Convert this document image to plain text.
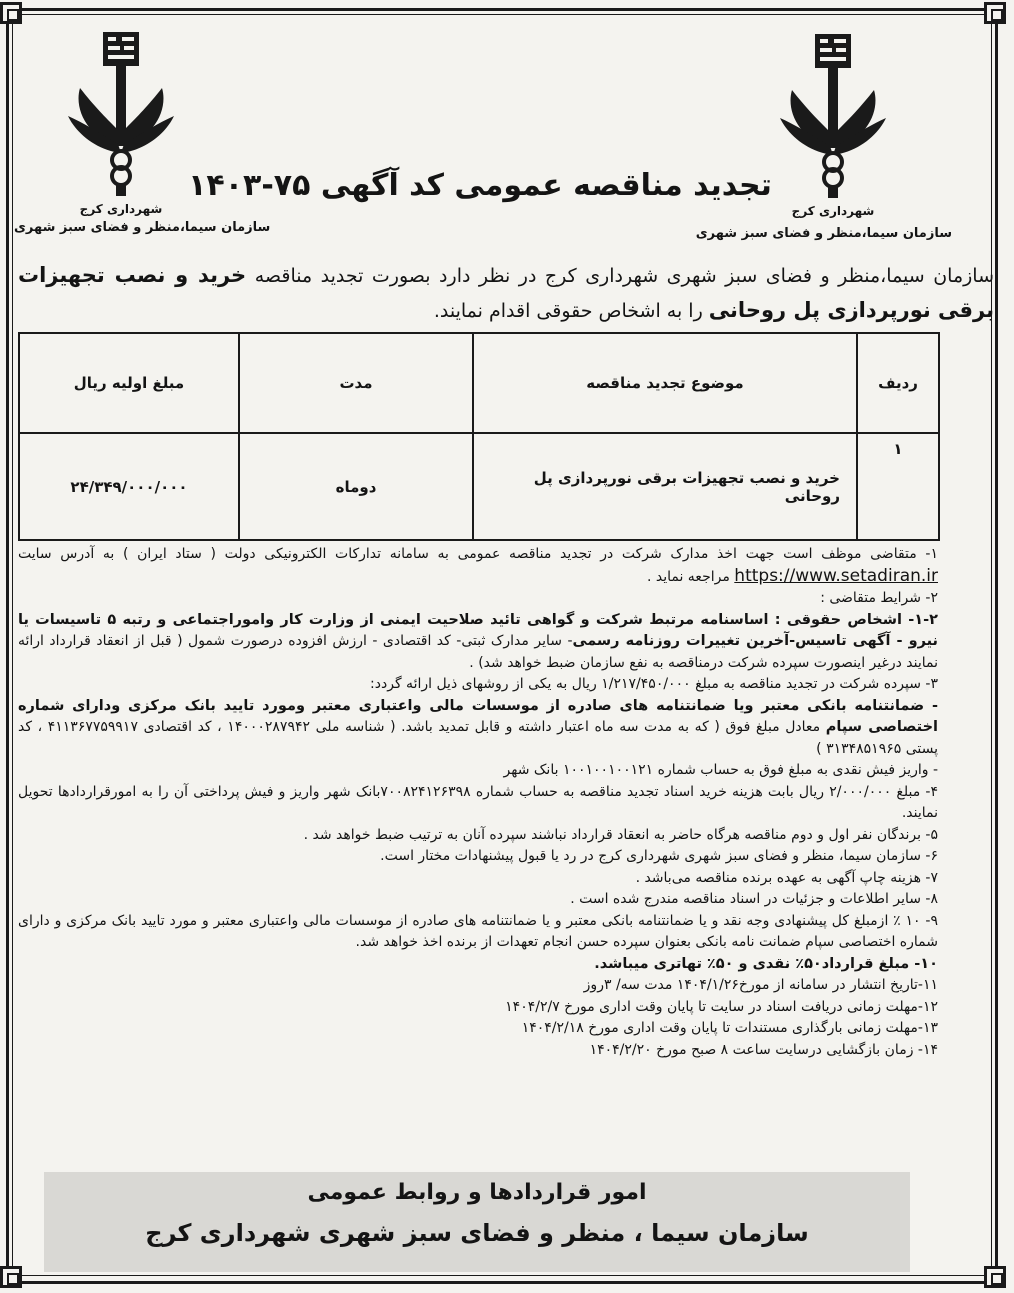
شهرداری کرج
شهرداری کرج
سازمان سیما،منظر و فضای سبز شهری
سازمان سیما،منظر و فضای سبز شهری
تجدید مناقصه عمومی کد آگهی ۷۵-۱۴۰۳
سازمان سیما،منظر و فضای سبز شهری شهرداری کرج در نظر دارد بصورت تجدید مناقصه خرید و نصب تجهیزات برقی نورپردازی پل روحانی را به اشخاص حقوقی اقدام نمایند.
ردیف	موضوع تجدید مناقصه	مدت	مبلغ اولیه ریال
۱	خرید و نصب تجهیزات برقی نورپردازی پل روحانی	دوماه	۲۴/۳۴۹/۰۰۰/۰۰۰

۱- متقاضی موظف است جهت اخذ مدارک شرکت در تجدید مناقصه عمومی به سامانه تدارکات الکترونیکی دولت ( ستاد ایران ) به آدرس سایت https://www.setadiran.ir مراجعه نماید .

۲- شرایط متقاضی :

۱-۲- اشخاص حقوقی : اساسنامه مرتبط شرکت و گواهی تائید صلاحیت ایمنی از وزارت کار واموراجتماعی و رتبه ۵ تاسیسات یا نیرو - آگهی تاسیس-آخرین تغییرات روزنامه رسمی- سایر مدارک ثبتی- کد اقتصادی - ارزش افزوده درصورت شمول ( قبل از انعقاد قرارداد ارائه نمایند درغیر اینصورت سپرده شرکت درمناقصه به نفع سازمان ضبط خواهد شد) .

۳- سپرده شرکت در تجدید مناقصه به مبلغ ۱/۲۱۷/۴۵۰/۰۰۰ ریال به یکی از روشهای ذیل ارائه گردد:

- ضمانتنامه بانکی معتبر ویا ضمانتنامه های صادره از موسسات مالی واعتباری معتبر ومورد تایید بانک مرکزی ودارای شماره اختصاصی سپام معادل مبلغ فوق ( که به مدت سه ماه اعتبار داشته و قابل تمدید باشد. ( شناسه ملی ۱۴۰۰۰۲۸۷۹۴۲ ، کد اقتصادی ۴۱۱۳۶۷۷۵۹۹۱۷ ، کد پستی ۳۱۳۴۸۵۱۹۶۵ )

- واریز فیش نقدی به مبلغ فوق به حساب شماره ۱۰۰۱۰۰۱۰۰۱۲۱ بانک شهر

۴- مبلغ ۲/۰۰۰/۰۰۰ ریال بابت هزینه خرید اسناد تجدید مناقصه به حساب شماره ۷۰۰۸۲۴۱۲۶۳۹۸بانک شهر واریز و فیش پرداختی آن را به امورقراردادها تحویل نمایند.

۵- برندگان نفر اول و دوم مناقصه هرگاه حاضر به انعقاد قرارداد نباشند سپرده آنان به ترتیب ضبط خواهد شد .

۶- سازمان سیما، منظر و فضای سبز شهری شهرداری کرج در رد یا قبول پیشنهادات مختار است.

۷- هزینه چاپ آگهی به عهده برنده مناقصه می‌باشد .

۸- سایر اطلاعات و جزئیات در اسناد مناقصه مندرج شده است .

۹- ۱۰ ٪ ازمبلغ کل پیشنهادی وجه نقد و یا ضمانتنامه بانکی معتبر و یا ضمانتنامه های صادره از موسسات مالی واعتباری معتبر و مورد تایید بانک مرکزی و دارای شماره اختصاصی سپام ضمانت نامه بانکی بعنوان سپرده حسن انجام تعهدات از برنده اخذ خواهد شد.

۱۰- مبلغ قرارداد۵۰٪ نقدی و ۵۰٪ تهاتری میباشد.

۱۱-تاریخ انتشار در سامانه از مورخ۱۴۰۴/۱/۲۶ مدت سه/ ۳روز

۱۲-مهلت زمانی دریافت اسناد در سایت تا پایان وقت اداری مورخ ۱۴۰۴/۲/۷

۱۳-مهلت زمانی بارگذاری مستندات تا پایان وقت اداری مورخ ۱۴۰۴/۲/۱۸

۱۴- زمان بازگشایی درسایت ساعت ۸ صبح مورخ ۱۴۰۴/۲/۲۰

امور قراردادها و روابط عمومی
سازمان سیما ، منظر و فضای سبز شهری شهرداری کرج
